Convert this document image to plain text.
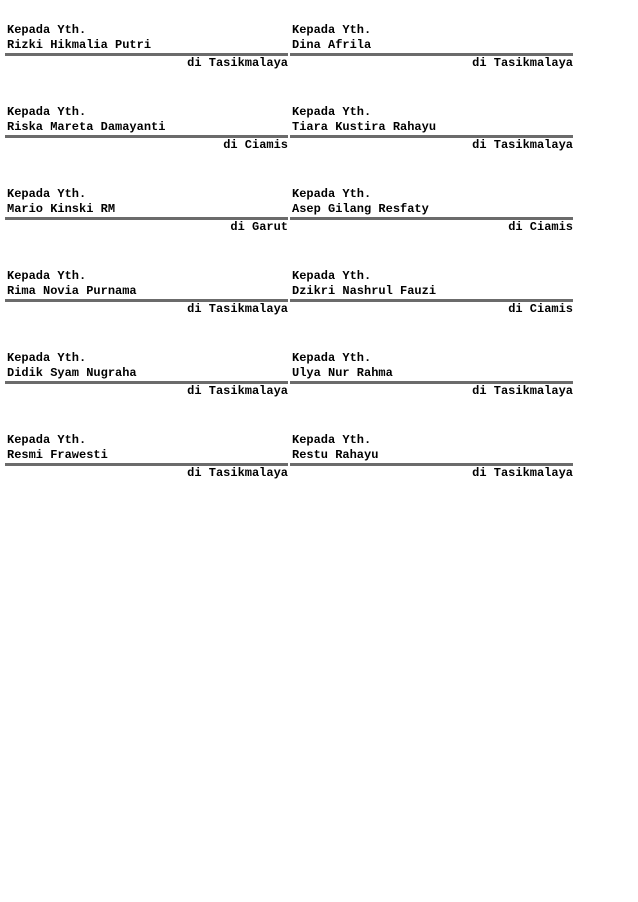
Kepada Yth.
Rizki Hikmalia Putri
di Tasikmalaya
Kepada Yth.
Dina Afrila
di Tasikmalaya
Kepada Yth.
Riska Mareta Damayanti
di Ciamis
Kepada Yth.
Tiara Kustira Rahayu
di Tasikmalaya
Kepada Yth.
Mario Kinski RM
di Garut
Kepada Yth.
Asep Gilang Resfaty
di Ciamis
Kepada Yth.
Rima Novia Purnama
di Tasikmalaya
Kepada Yth.
Dzikri Nashrul Fauzi
di Ciamis
Kepada Yth.
Didik Syam Nugraha
di Tasikmalaya
Kepada Yth.
Ulya Nur Rahma
di Tasikmalaya
Kepada Yth.
Resmi Frawesti
di Tasikmalaya
Kepada Yth.
Restu Rahayu
di Tasikmalaya
